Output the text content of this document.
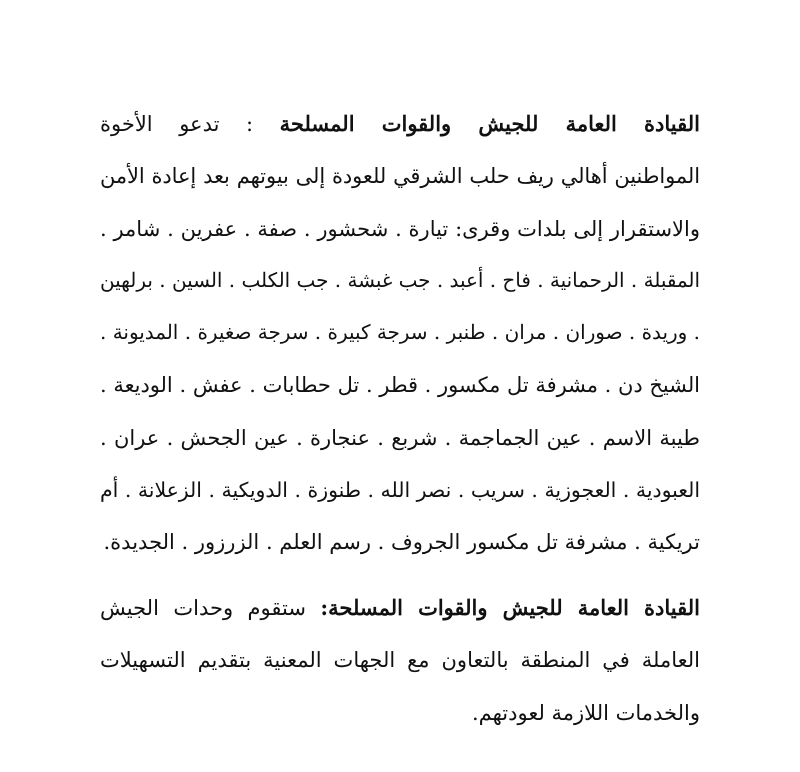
القيادة العامة للجيش والقوات المسلحة : تدعو الأخوة
المواطنين أهالي ريف حلب الشرقي للعودة إلى بيوتهم بعد إعادة الأمن
والاستقرار إلى بلدات وقرى: تيارة . شحشور . صفة . عفرين . شامر .
المقبلة . الرحمانية . فاح . أعبد . جب غبشة . جب الكلب . السين . برلهين
. وريدة . صوران . مران . طنبر . سرجة كبيرة . سرجة صغيرة . المديونة .
الشيخ دن . مشرفة تل مكسور . قطر . تل حطابات . عفش . الوديعة .
طيبة الاسم . عين الجماجمة . شربع . عنجارة . عين الجحش . عران .
العبودية . العجوزية . سريب . نصر الله . طنوزة . الدويكية . الزعلانة . أم
تريكية . مشرفة تل مكسور الجروف . رسم العلم . الزرزور . الجديدة.
القيادة العامة للجيش والقوات المسلحة: ستقوم وحدات الجيش
العاملة في المنطقة بالتعاون مع الجهات المعنية بتقديم التسهيلات
والخدمات اللازمة لعودتهم.
